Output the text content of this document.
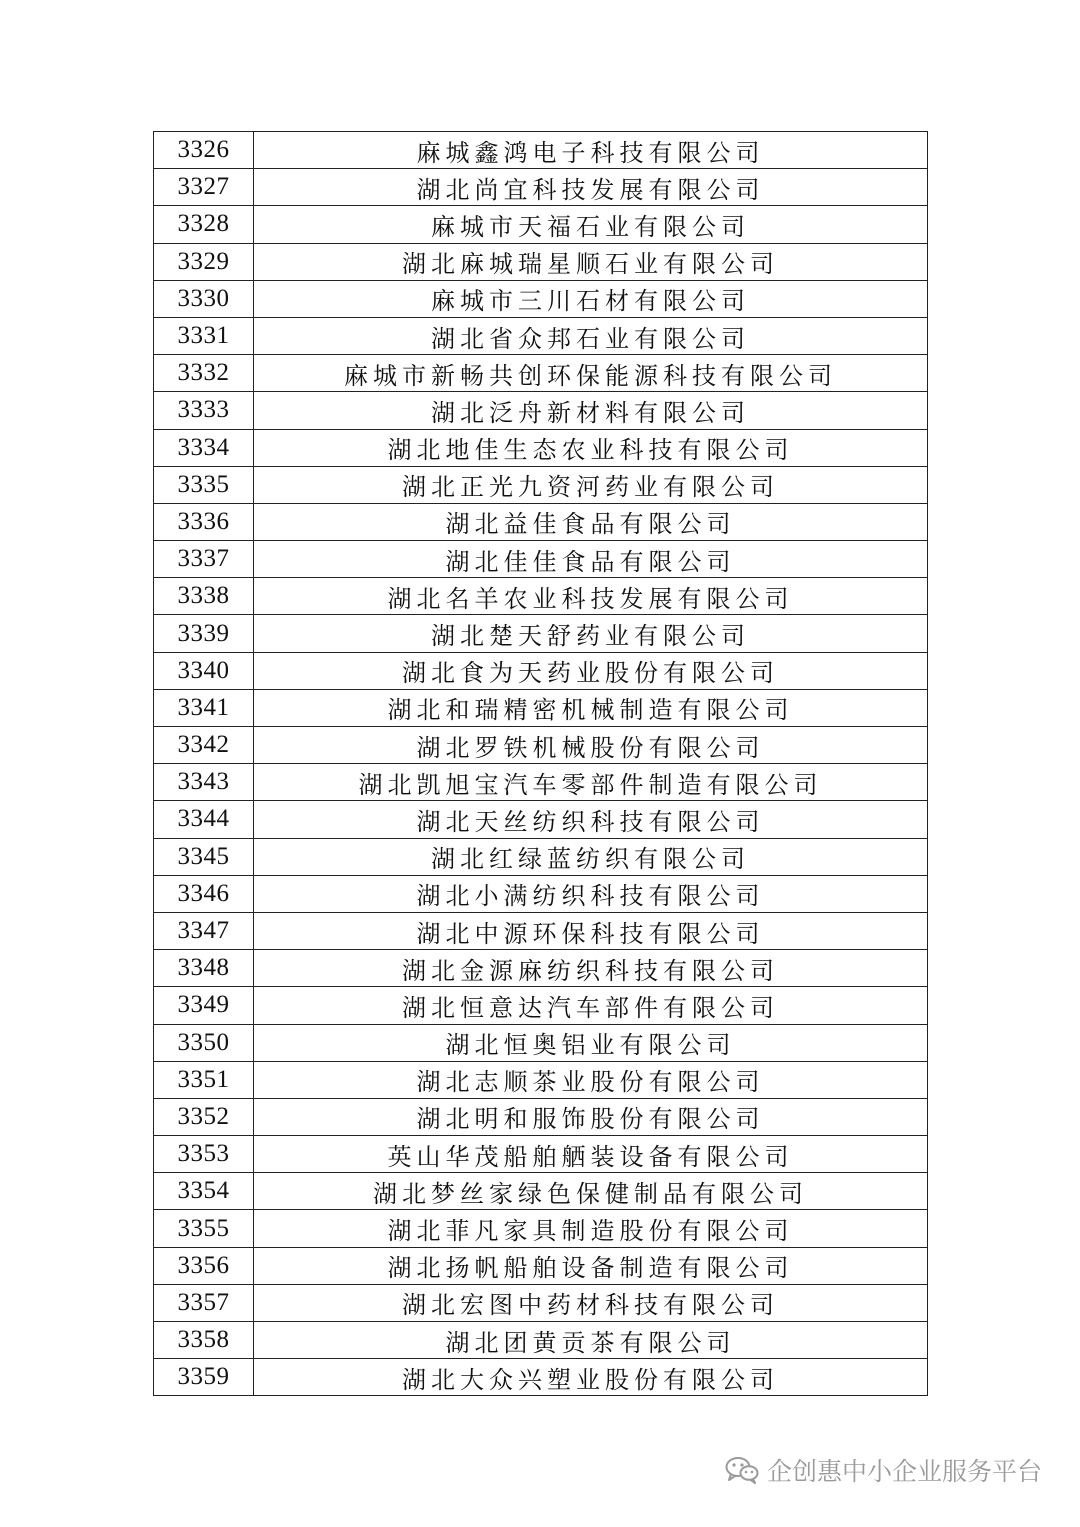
3326	麻城鑫鸿电子科技有限公司
3327	湖北尚宜科技发展有限公司
3328	麻城市天福石业有限公司
3329	湖北麻城瑞星顺石业有限公司
3330	麻城市三川石材有限公司
3331	湖北省众邦石业有限公司
3332	麻城市新畅共创环保能源科技有限公司
3333	湖北泛舟新材料有限公司
3334	湖北地佳生态农业科技有限公司
3335	湖北正光九资河药业有限公司
3336	湖北益佳食品有限公司
3337	湖北佳佳食品有限公司
3338	湖北名羊农业科技发展有限公司
3339	湖北楚天舒药业有限公司
3340	湖北食为天药业股份有限公司
3341	湖北和瑞精密机械制造有限公司
3342	湖北罗铁机械股份有限公司
3343	湖北凯旭宝汽车零部件制造有限公司
3344	湖北天丝纺织科技有限公司
3345	湖北红绿蓝纺织有限公司
3346	湖北小满纺织科技有限公司
3347	湖北中源环保科技有限公司
3348	湖北金源麻纺织科技有限公司
3349	湖北恒意达汽车部件有限公司
3350	湖北恒奥铝业有限公司
3351	湖北志顺茶业股份有限公司
3352	湖北明和服饰股份有限公司
3353	英山华茂船舶舾装设备有限公司
3354	湖北梦丝家绿色保健制品有限公司
3355	湖北菲凡家具制造股份有限公司
3356	湖北扬帆船舶设备制造有限公司
3357	湖北宏图中药材科技有限公司
3358	湖北团黄贡茶有限公司
3359	湖北大众兴塑业股份有限公司
企创惠中小企业服务平台
